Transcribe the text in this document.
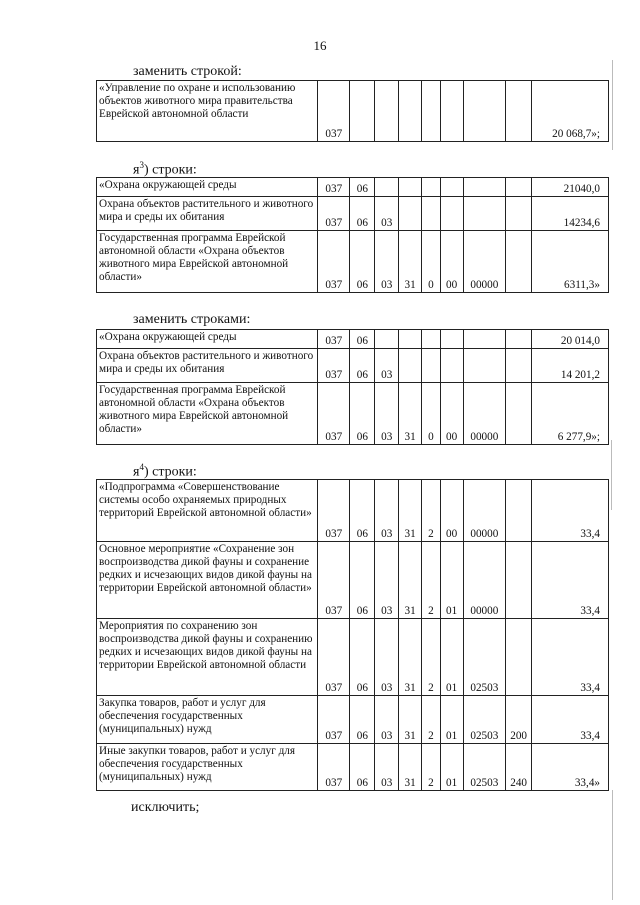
16
заменить строкой:
«Управление по охране и использованию объектов животного мира правительства Еврейской автономной области	037								20 068,7»;
$я^3$) строки:
«Охрана окружающей среды	037	06							21040,0
Охрана объектов растительного и животного мира и среды их обитания	037	06	03						14234,6
Государственная программа Еврейской автономной области «Охрана объектов животного мира Еврейской автономной области»	037	06	03	31	0	00	00000		6311,3»
заменить строками:
«Охрана окружающей среды	037	06							20 014,0
Охрана объектов растительного и животного мира и среды их обитания	037	06	03						14 201,2
Государственная программа Еврейской автономной области «Охрана объектов животного мира Еврейской автономной области»	037	06	03	31	0	00	00000		6 277,9»;
$я^4$) строки:
«Подпрограмма «Совершенствование системы особо охраняемых природных территорий Еврейской автономной области»	037	06	03	31	2	00	00000		33,4
Основное мероприятие «Сохранение зон воспроизводства дикой фауны и сохранение редких и исчезающих видов дикой фауны на территории Еврейской автономной области»	037	06	03	31	2	01	00000		33,4
Мероприятия по сохранению зон воспроизводства дикой фауны и сохранению редких и исчезающих видов дикой фауны на территории Еврейской автономной области	037	06	03	31	2	01	02503		33,4
Закупка товаров, работ и услуг для обеспечения государственных (муниципальных) нужд	037	06	03	31	2	01	02503	200	33,4
Иные закупки товаров, работ и услуг для обеспечения государственных (муниципальных) нужд	037	06	03	31	2	01	02503	240	33,4»
исключить;
